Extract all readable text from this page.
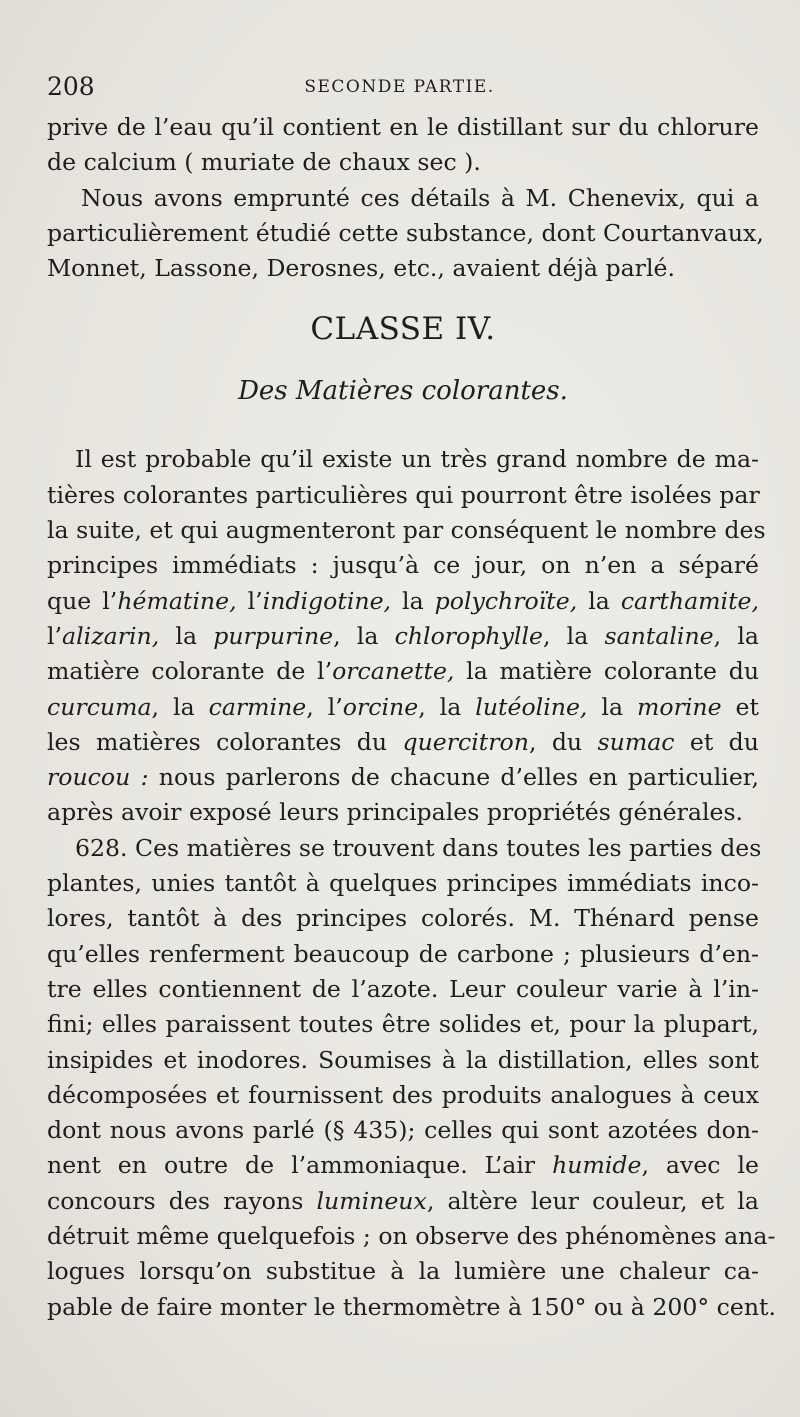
208	SECONDE PARTIE.
prive de l’eau qu’il contient en le distillant sur du chlorure
de calcium ( muriate de chaux sec ).
Nous avons emprunté ces détails à M. Chenevix, qui a
particulièrement étudié cette substance, dont Courtanvaux,
Monnet, Lassone, Derosnes, etc., avaient déjà parlé.
CLASSE IV.
Des Matières colorantes.
Il est probable qu’il existe un très grand nombre de ma-
tières colorantes particulières qui pourront être isolées par
la suite, et qui augmenteront par conséquent le nombre des
principes immédiats : jusqu’à ce jour, on n’en a séparé
que l’hématine, l’indigotine, la polychroïte, la carthamite,
l’alizarin, la purpurine, la chlorophylle, la santaline, la
matière colorante de l’orcanette, la matière colorante du
curcuma, la carmine, l’orcine, la lutéoline, la morine et
les matières colorantes du quercitron, du sumac et du
roucou : nous parlerons de chacune d’elles en particulier,
après avoir exposé leurs principales propriétés générales.
628. Ces matières se trouvent dans toutes les parties des
plantes, unies tantôt à quelques principes immédiats inco-
lores, tantôt à des principes colorés. M. Thénard pense
qu’elles renferment beaucoup de carbone ; plusieurs d’en-
tre elles contiennent de l’azote. Leur couleur varie à l’in-
fini; elles paraissent toutes être solides et, pour la plupart,
insipides et inodores. Soumises à la distillation, elles sont
décomposées et fournissent des produits analogues à ceux
dont nous avons parlé (§ 435); celles qui sont azotées don-
nent en outre de l’ammoniaque. L’air humide, avec le
concours des rayons lumineux, altère leur couleur, et la
détruit même quelquefois ; on observe des phénomènes ana-
logues lorsqu’on substitue à la lumière une chaleur ca-
pable de faire monter le thermomètre à 150° ou à 200° cent.
